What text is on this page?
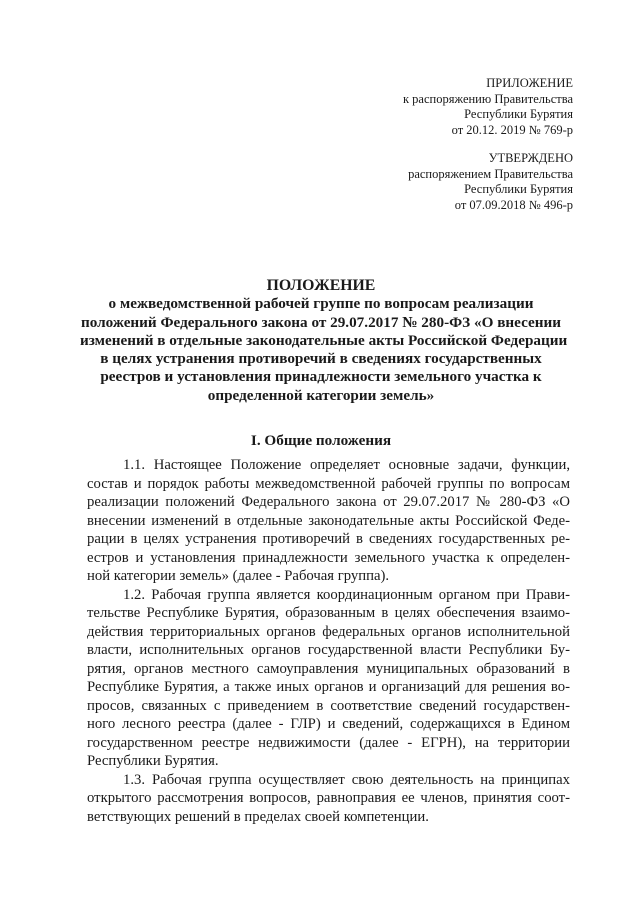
ПРИЛОЖЕНИЕ
к распоряжению Правительства
Республики Бурятия
от 20.12. 2019 № 769-р
УТВЕРЖДЕНО
распоряжением Правительства
Республики Бурятия
от 07.09.2018 № 496-р
ПОЛОЖЕНИЕ
о межведомственной рабочей группе по вопросам реализации
положений Федерального закона от 29.07.2017 № 280-ФЗ «О внесении
изменений в отдельные законодательные акты Российской Федерации
в целях устранения противоречий в сведениях государственных
реестров и установления принадлежности земельного участка к
определенной категории земель»
I. Общие положения
1.1. Настоящее Положение определяет основные задачи, функции,
состав и порядок работы межведомственной рабочей группы по вопросам
реализации положений Федерального закона от 29.07.2017 № 280-ФЗ «О
внесении изменений в отдельные законодательные акты Российской Феде-
рации в целях устранения противоречий в сведениях государственных ре-
естров и установления принадлежности земельного участка к определен-
ной категории земель» (далее - Рабочая группа).
1.2. Рабочая группа является координационным органом при Прави-
тельстве Республике Бурятия, образованным в целях обеспечения взаимо-
действия территориальных органов федеральных органов исполнительной
власти, исполнительных органов государственной власти Республики Бу-
рятия, органов местного самоуправления муниципальных образований в
Республике Бурятия, а также иных органов и организаций для решения во-
просов, связанных с приведением в соответствие сведений государствен-
ного лесного реестра (далее - ГЛР) и сведений, содержащихся в Едином
государственном реестре недвижимости (далее - ЕГРН), на территории
Республики Бурятия.
1.3. Рабочая группа осуществляет свою деятельность на принципах
открытого рассмотрения вопросов, равноправия ее членов, принятия соот-
ветствующих решений в пределах своей компетенции.
